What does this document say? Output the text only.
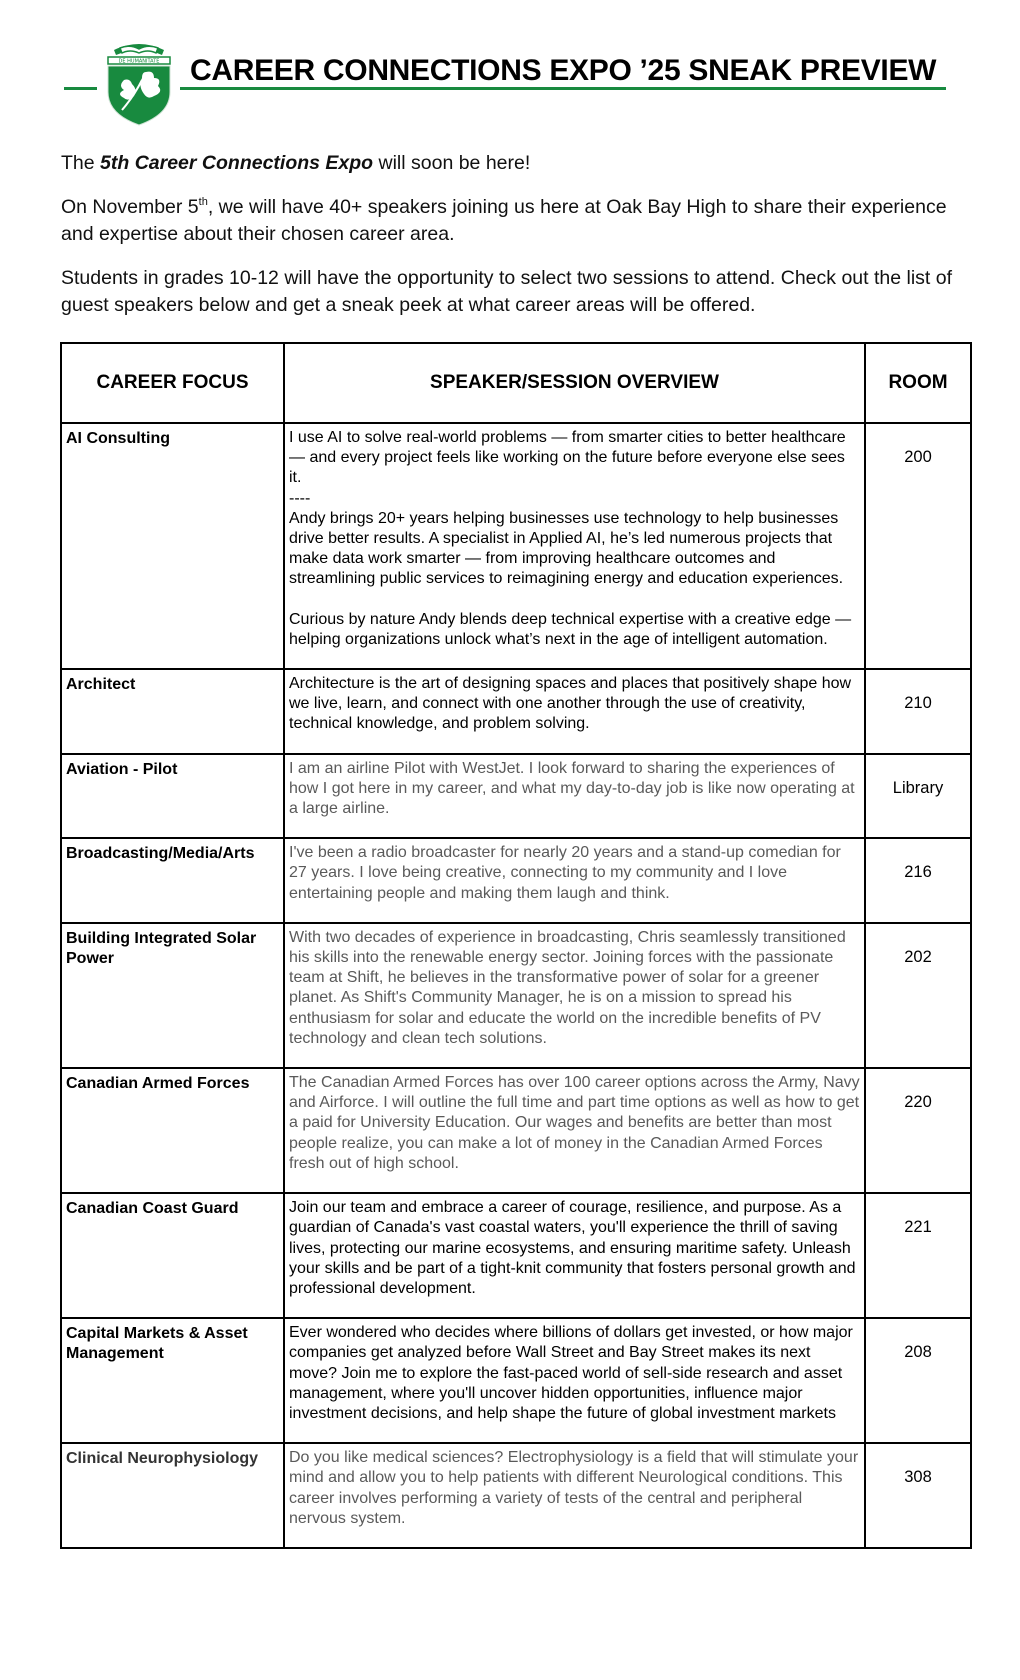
DE HUMANITATE CAREER CONNECTIONS EXPO ’25 SNEAK PREVIEW

The 5th Career Connections Expo will soon be here!

On November 5th, we will have 40+ speakers joining us here at Oak Bay High to share their experience and expertise about their chosen career area.

Students in grades 10-12 will have the opportunity to select two sessions to attend. Check out the list of guest speakers below and get a sneak peek at what career areas will be offered.

CAREER FOCUS	SPEAKER/SESSION OVERVIEW	ROOM
AI Consulting	I use AI to solve real-world problems — from smarter cities to better healthcare — and every project feels like working on the future before everyone else sees it.

----

Andy brings 20+ years helping businesses use technology to help businesses drive better results. A specialist in Applied AI, he’s led numerous projects that make data work smarter — from improving healthcare outcomes and streamlining public services to reimagining energy and education experiences.

Curious by nature Andy blends deep technical expertise with a creative edge — helping organizations unlock what’s next in the age of intelligent automation.	200
Architect	Architecture is the art of designing spaces and places that positively shape how we live, learn, and connect with one another through the use of creativity, technical knowledge, and problem solving.	210
Aviation - Pilot	I am an airline Pilot with WestJet. I look forward to sharing the experiences of how I got here in my career, and what my day-to-day job is like now operating at a large airline.	Library
Broadcasting/Media/Arts	I've been a radio broadcaster for nearly 20 years and a stand-up comedian for 27 years. I love being creative, connecting to my community and I love entertaining people and making them laugh and think.	216
Building Integrated Solar Power	With two decades of experience in broadcasting, Chris seamlessly transitioned his skills into the renewable energy sector. Joining forces with the passionate team at Shift, he believes in the transformative power of solar for a greener planet. As Shift's Community Manager, he is on a mission to spread his enthusiasm for solar and educate the world on the incredible benefits of PV technology and clean tech solutions.	202
Canadian Armed Forces	The Canadian Armed Forces has over 100 career options across the Army, Navy and Airforce. I will outline the full time and part time options as well as how to get a paid for University Education. Our wages and benefits are better than most people realize, you can make a lot of money in the Canadian Armed Forces fresh out of high school.	220
Canadian Coast Guard	Join our team and embrace a career of courage, resilience, and purpose. As a guardian of Canada's vast coastal waters, you'll experience the thrill of saving lives, protecting our marine ecosystems, and ensuring maritime safety. Unleash your skills and be part of a tight-knit community that fosters personal growth and professional development.	221
Capital Markets & Asset Management	Ever wondered who decides where billions of dollars get invested, or how major companies get analyzed before Wall Street and Bay Street makes its next move? Join me to explore the fast-paced world of sell-side research and asset management, where you'll uncover hidden opportunities, influence major investment decisions, and help shape the future of global investment markets	208
Clinical Neurophysiology	Do you like medical sciences? Electrophysiology is a field that will stimulate your mind and allow you to help patients with different Neurological conditions. This career involves performing a variety of tests of the central and peripheral nervous system.	308
